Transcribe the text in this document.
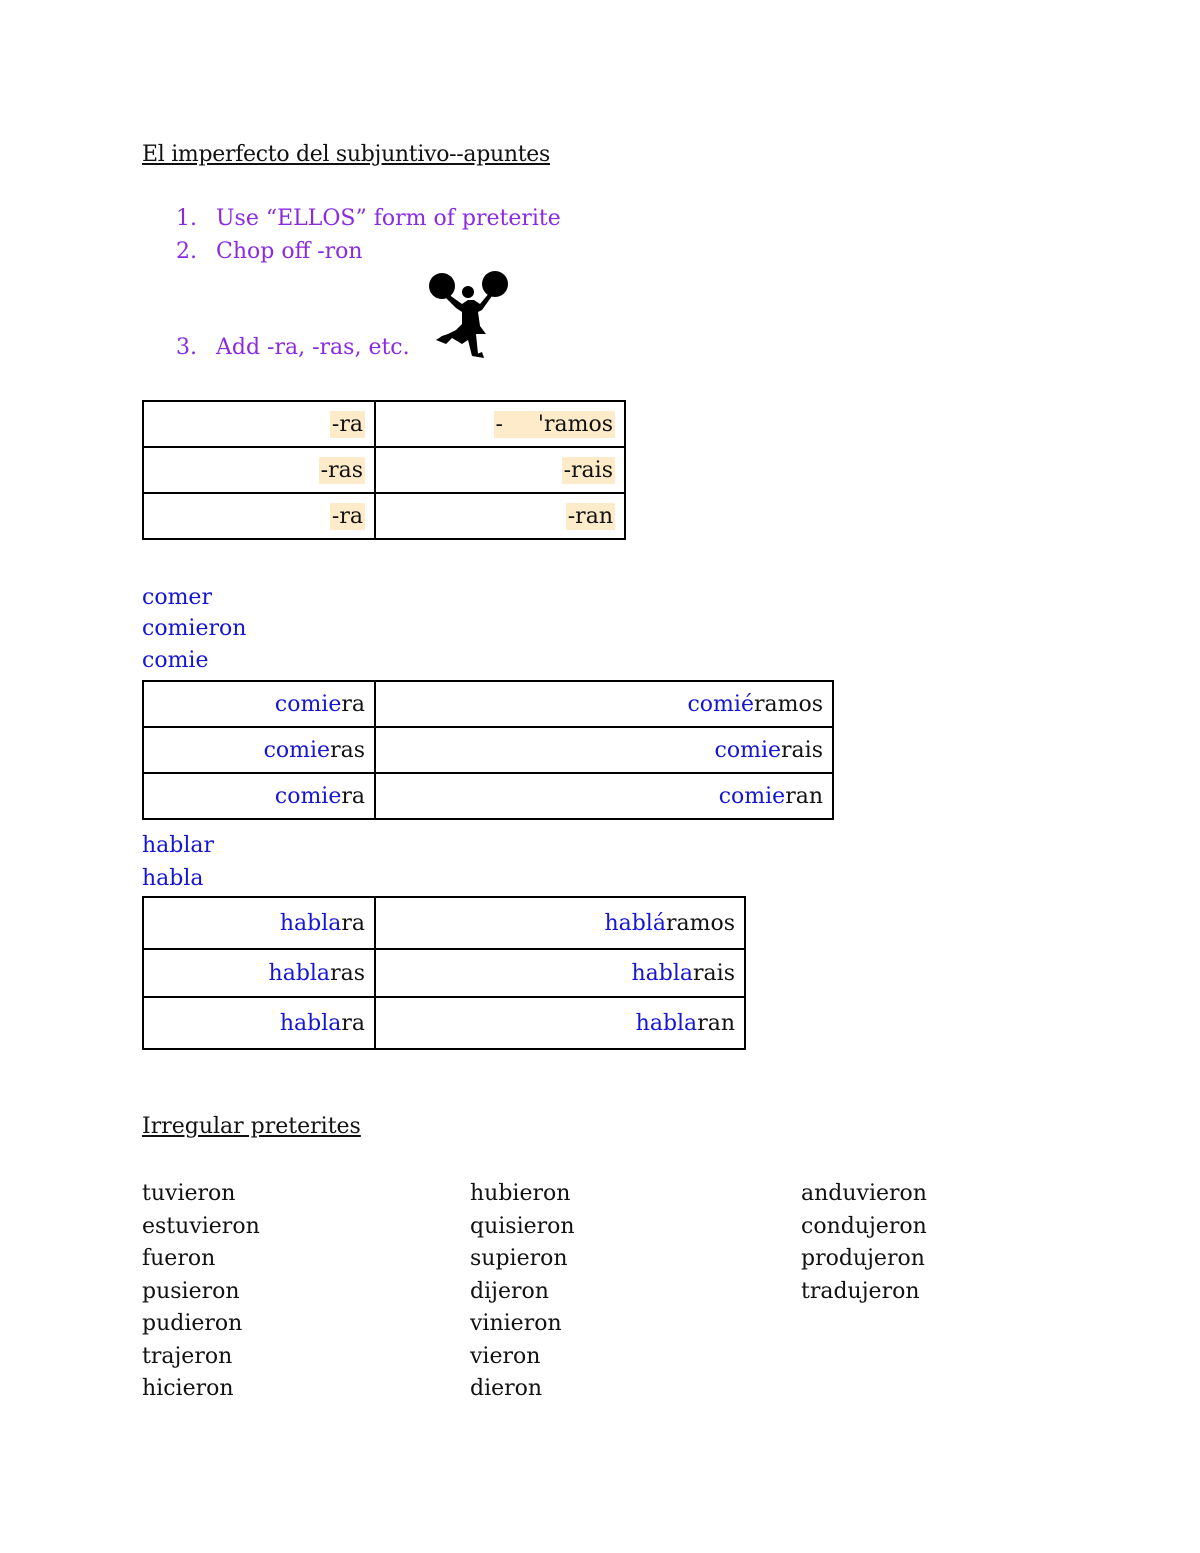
El imperfecto del subjuntivo--apuntes
1. Use “ELLOS” form of preterite
2. Chop off -ron
3. Add -ra, -ras, etc.
-ra	-     'ramos
-ras	-rais
-ra	-ran
comer
comieron
comie
comiera	comiéramos
comieras	comierais
comiera	comieran
hablar
habla
hablara	habláramos
hablaras	hablarais
hablara	hablaran
Irregular preterites
tuvieron
estuvieron
fueron
pusieron
pudieron
trajeron
hicieron
hubieron
quisieron
supieron
dijeron
vinieron
vieron
dieron
anduvieron
condujeron
produjeron
tradujeron
